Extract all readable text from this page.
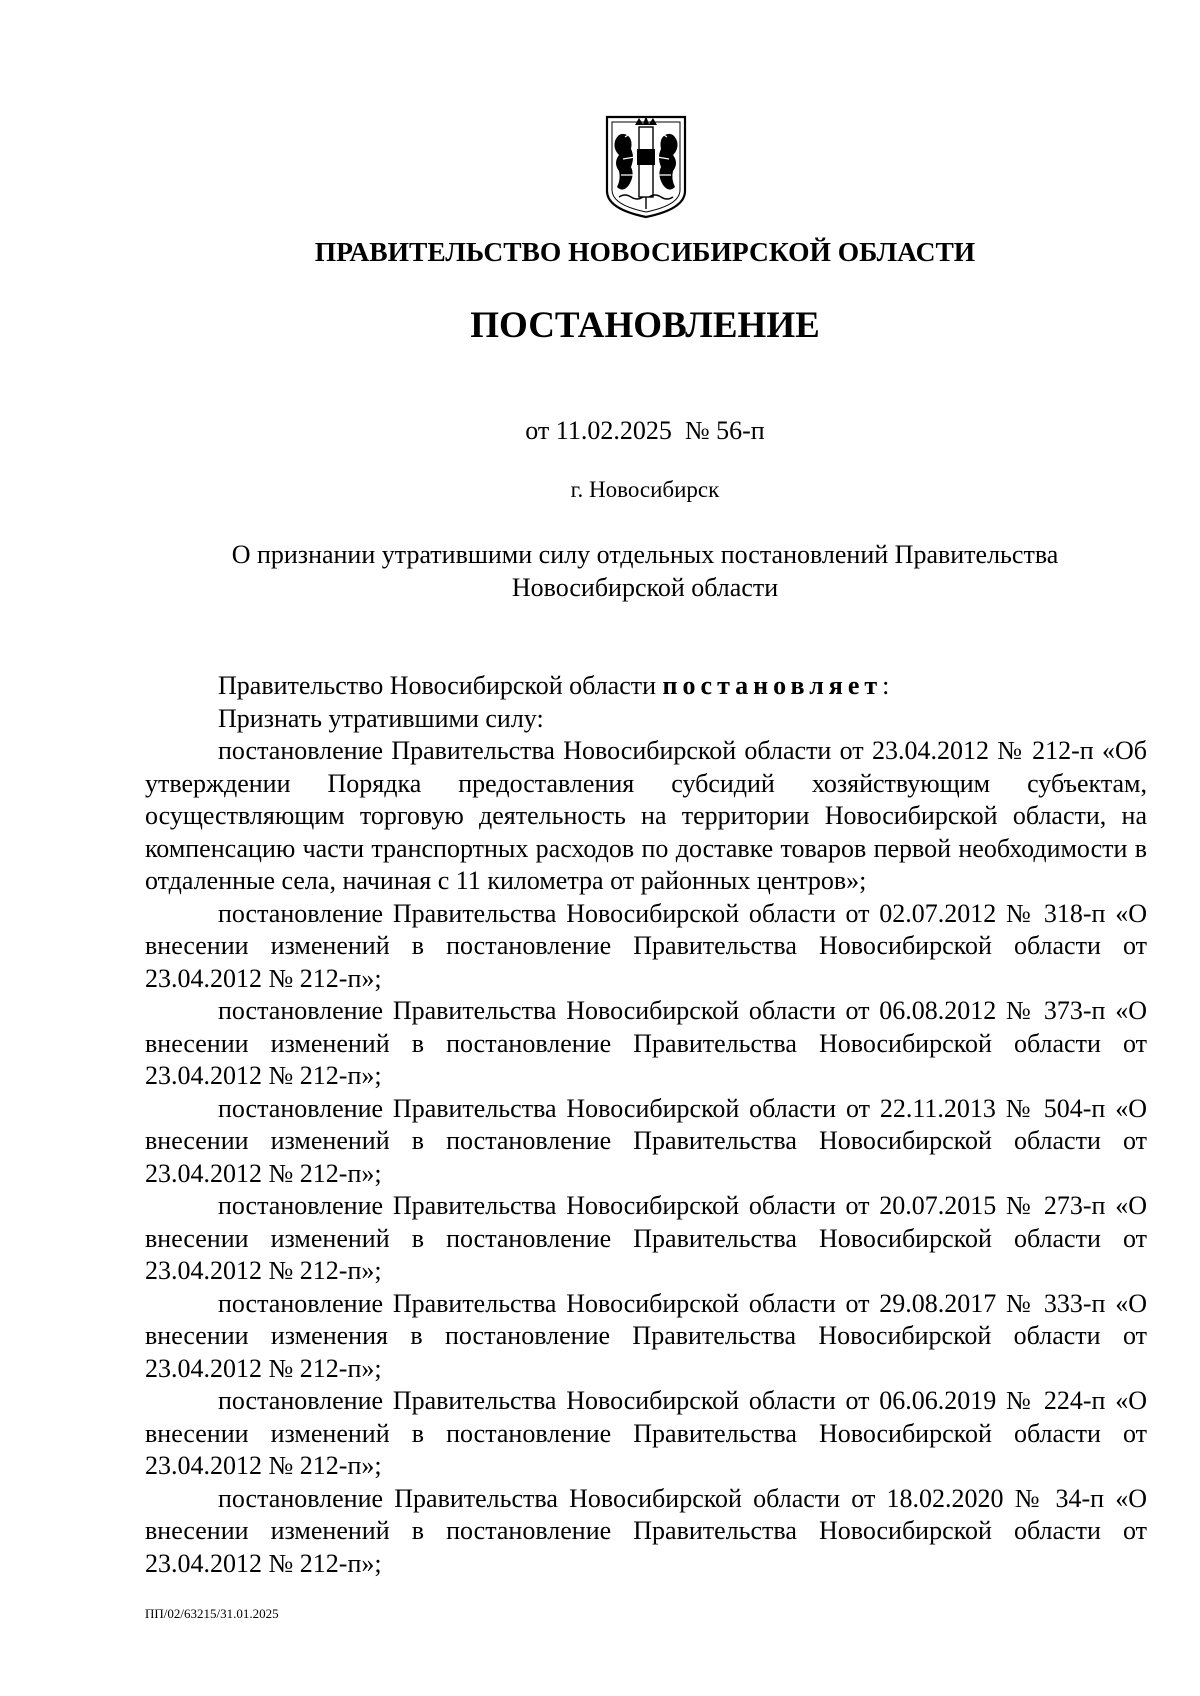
ПРАВИТЕЛЬСТВО НОВОСИБИРСКОЙ ОБЛАСТИ
ПОСТАНОВЛЕНИЕ
от 11.02.2025 № 56-п
г. Новосибирск
О признании утратившими силу отдельных постановлений Правительства
Новосибирской области

Правительство Новосибирской области постановляет:

Признать утратившими силу:

постановление Правительства Новосибирской области от 23.04.2012 № 212-п «Об утверждении Порядка предоставления субсидий хозяйствующим субъектам, осуществляющим торговую деятельность на территории Новосибирской области, на компенсацию части транспортных расходов по доставке товаров первой необходимости в отдаленные села, начиная с 11 километра от районных центров»;

постановление Правительства Новосибирской области от 02.07.2012 № 318-п «О внесении изменений в постановление Правительства Новосибирской области от 23.04.2012 № 212-п»;

постановление Правительства Новосибирской области от 06.08.2012 № 373-п «О внесении изменений в постановление Правительства Новосибирской области от 23.04.2012 № 212-п»;

постановление Правительства Новосибирской области от 22.11.2013 № 504-п «О внесении изменений в постановление Правительства Новосибирской области от 23.04.2012 № 212-п»;

постановление Правительства Новосибирской области от 20.07.2015 № 273-п «О внесении изменений в постановление Правительства Новосибирской области от 23.04.2012 № 212-п»;

постановление Правительства Новосибирской области от 29.08.2017 № 333-п «О внесении изменения в постановление Правительства Новосибирской области от 23.04.2012 № 212-п»;

постановление Правительства Новосибирской области от 06.06.2019 № 224-п «О внесении изменений в постановление Правительства Новосибирской области от 23.04.2012 № 212-п»;

постановление Правительства Новосибирской области от 18.02.2020 № 34-п «О внесении изменений в постановление Правительства Новосибирской области от 23.04.2012 № 212-п»;

ПП/02/63215/31.01.2025
